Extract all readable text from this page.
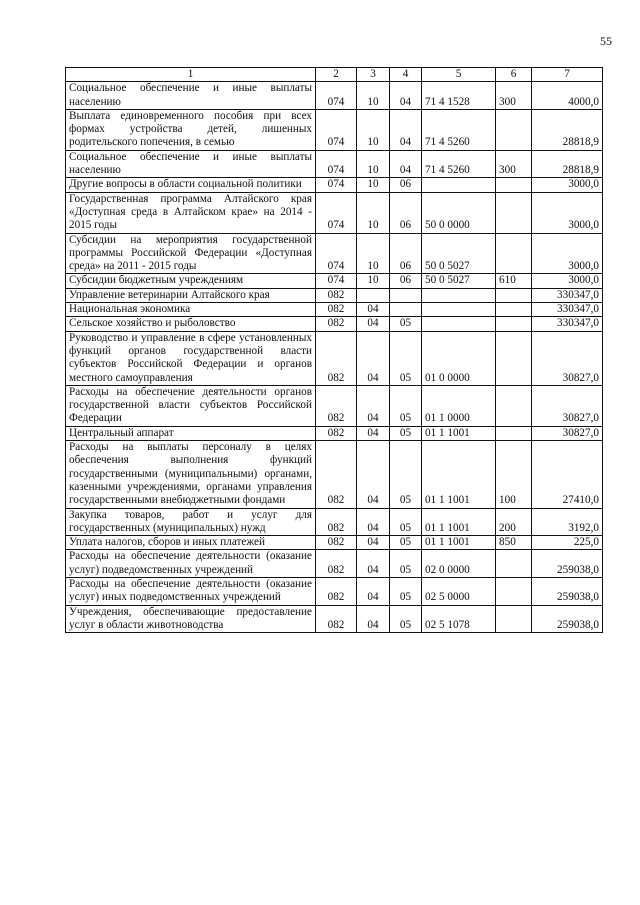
55
1	2	3	4	5	6	7
Социальное обеспечение и иные выплаты населению	074	10	04	71 4 1528	300	4000,0
Выплата единовременного пособия при всех формах устройства детей, лишенных родительского попечения, в семью	074	10	04	71 4 5260		28818,9
Социальное обеспечение и иные выплаты населению	074	10	04	71 4 5260	300	28818,9
Другие вопросы в области социальной политики	074	10	06			3000,0
Государственная программа Алтайского края «Доступная среда в Алтайском крае» на 2014 - 2015 годы	074	10	06	50 0 0000		3000,0
Субсидии на мероприятия государственной программы Российской Федерации «Доступная среда» на 2011 - 2015 годы	074	10	06	50 0 5027		3000,0
Субсидии бюджетным учреждениям	074	10	06	50 0 5027	610	3000,0
Управление ветеринарии Алтайского края	082					330347,0
Национальная экономика	082	04				330347,0
Сельское хозяйство и рыболовство	082	04	05			330347,0
Руководство и управление в сфере установленных функций органов государственной власти субъектов Российской Федерации и органов местного самоуправления	082	04	05	01 0 0000		30827,0
Расходы на обеспечение деятельности органов государственной власти субъектов Российской Федерации	082	04	05	01 1 0000		30827,0
Центральный аппарат	082	04	05	01 1 1001		30827,0
Расходы на выплаты персоналу в целях обеспечения выполнения функций государственными (муниципальными) органами, казенными учреждениями, органами управления государственными внебюджетными фондами	082	04	05	01 1 1001	100	27410,0
Закупка товаров, работ и услуг для государственных (муниципальных) нужд	082	04	05	01 1 1001	200	3192,0
Уплата налогов, сборов и иных платежей	082	04	05	01 1 1001	850	225,0
Расходы на обеспечение деятельности (оказание услуг) подведомственных учреждений	082	04	05	02 0 0000		259038,0
Расходы на обеспечение деятельности (оказание услуг) иных подведомственных учреждений	082	04	05	02 5 0000		259038,0
Учреждения, обеспечивающие предоставление услуг в области животноводства	082	04	05	02 5 1078		259038,0
